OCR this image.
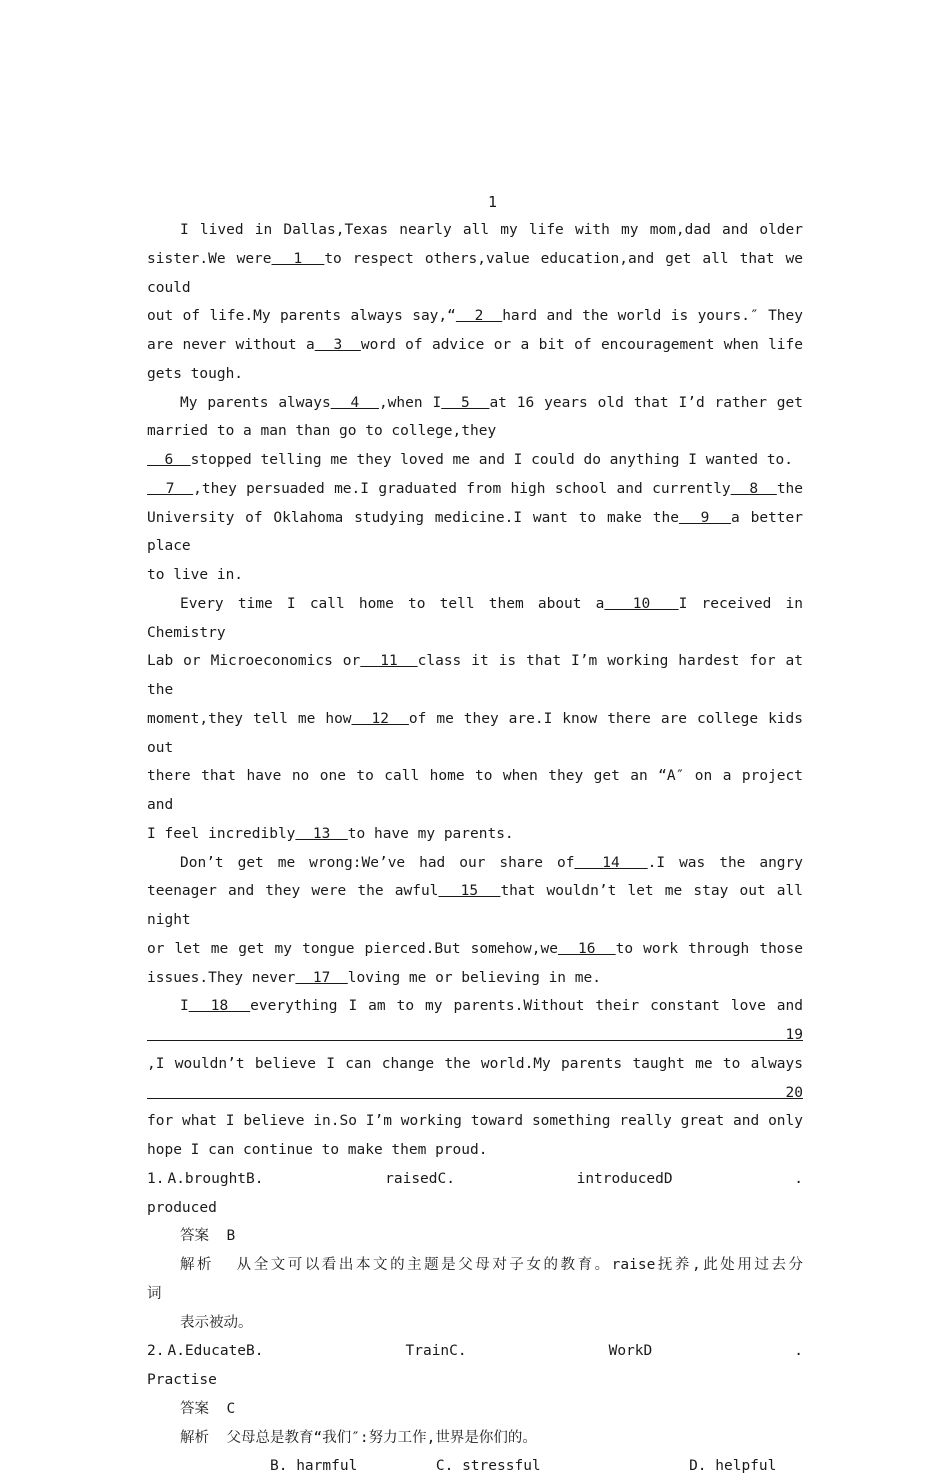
1

I lived in Dallas,Texas nearly all my life with my mom,dad and older

sister.We were  1  to respect others,value education,and get all that we could

out of life.My parents always say,“  2  hard and the world is yours.″ They

are never without a  3  word of advice or a bit of encouragement when life

gets tough.

My parents always  4  ,when I  5  at 16 years old that I’d rather get

married to a man than go to college,they

6  stopped telling me they loved me and I could do anything I wanted to.

7  ,they persuaded me.I graduated from high school and currently  8  the

University of Oklahoma studying medicine.I want to make the  9  a better place

to live in.

Every time I call home to tell them about a  10  I received in Chemistry

Lab or Microeconomics or  11  class it is that I’m working hardest for at the

moment,they tell me how  12  of me they are.I know there are college kids out

there that have no one to call home to when they get an “A″ on a project and

I feel incredibly  13  to have my parents.

Don’t get me wrong:We’ve had our share of  14  .I was the angry

teenager and they were the awful  15  that wouldn’t let me stay out all night

or let me get my tongue pierced.But somehow,we  16  to work through those

issues.They never  17  loving me or believing in me.

I  18  everything I am to my parents.Without their constant love and  19

,I wouldn’t believe I can change the world.My parents taught me to always  20

for what I believe in.So I’m working toward something really great and only

hope I can continue to make them proud.

1. A.broughtB. raisedC. introducedD .

produced

答案 B

解析 从全文可以看出本文的主题是父母对子女的教育。raise抚养,此处用过去分

词

表示被动。

2. A.EducateB. TrainC. WorkD .

Practise

答案 C

解析 父母总是教育“我们″:努力工作,世界是你们的。

B. harmful	C. stressful	D. helpful
